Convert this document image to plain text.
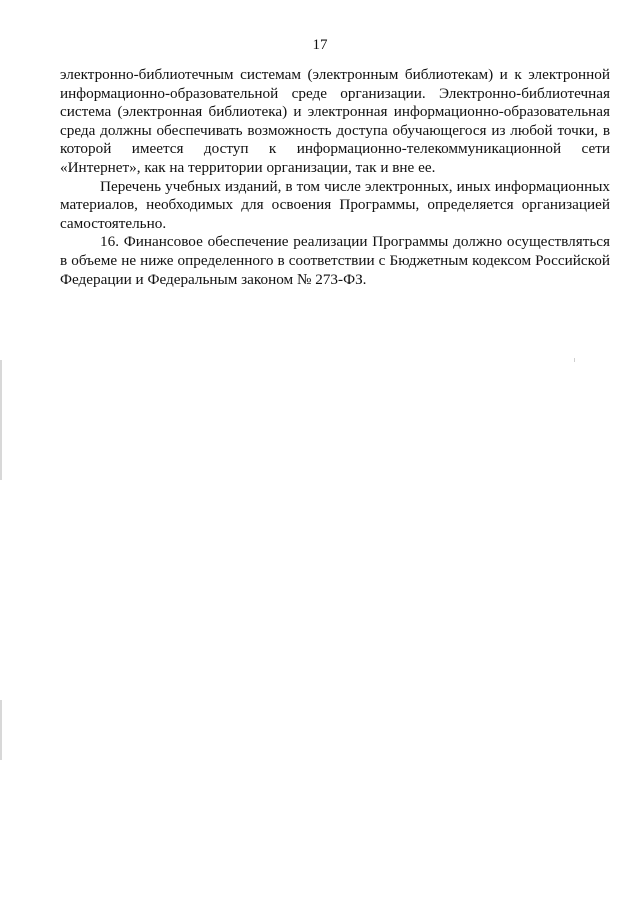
17

электронно-библиотечным системам (электронным библиотекам) и к электронной информационно-образовательной среде организации. Электронно-библиотечная система (электронная библиотека) и электронная информационно-образовательная среда должны обеспечивать возможность доступа обучающегося из любой точки, в которой имеется доступ к информационно-телекоммуникационной сети «Интернет», как на территории организации, так и вне ее.

Перечень учебных изданий, в том числе электронных, иных информационных материалов, необходимых для освоения Программы, определяется организацией самостоятельно.

16. Финансовое обеспечение реализации Программы должно осуществляться в объеме не ниже определенного в соответствии с Бюджетным кодексом Российской Федерации и Федеральным законом № 273-ФЗ.
